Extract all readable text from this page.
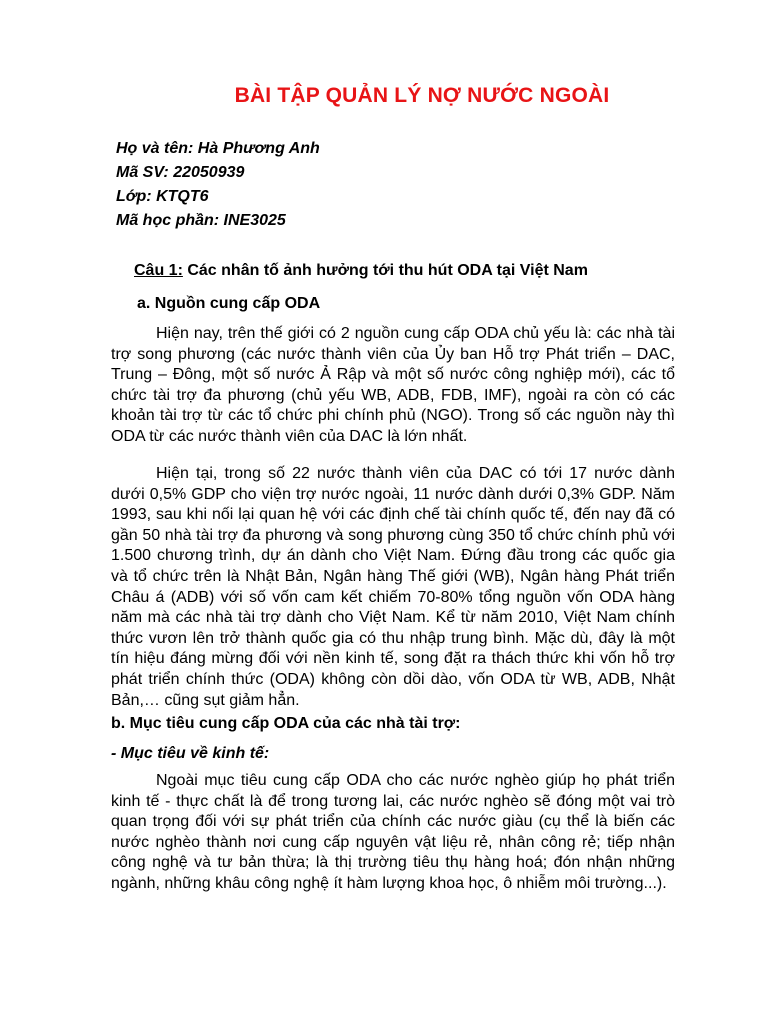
BÀI TẬP QUẢN LÝ NỢ NƯỚC NGOÀI
Họ và tên: Hà Phương Anh
Mã SV: 22050939
Lớp: KTQT6
Mã học phần: INE3025
Câu 1: Các nhân tố ảnh hưởng tới thu hút ODA tại Việt Nam
a. Nguồn cung cấp ODA

Hiện nay, trên thế giới có 2 nguồn cung cấp ODA chủ yếu là: các nhà tài trợ song phương (các nước thành viên của Ủy ban Hỗ trợ Phát triển – DAC, Trung – Đông, một số nước Ả Rập và một số nước công nghiệp mới), các tổ chức tài trợ đa phương (chủ yếu WB, ADB, FDB, IMF), ngoài ra còn có các khoản tài trợ từ các tổ chức phi chính phủ (NGO). Trong số các nguồn này thì ODA từ các nước thành viên của DAC là lớn nhất.

Hiện tại, trong số 22 nước thành viên của DAC có tới 17 nước dành dưới 0,5% GDP cho viện trợ nước ngoài, 11 nước dành dưới 0,3% GDP. Năm 1993, sau khi nối lại quan hệ với các định chế tài chính quốc tế, đến nay đã có gần 50 nhà tài trợ đa phương và song phương cùng 350 tổ chức chính phủ với 1.500 chương trình, dự án dành cho Việt Nam. Đứng đầu trong các quốc gia và tổ chức trên là Nhật Bản, Ngân hàng Thế giới (WB), Ngân hàng Phát triển Châu á (ADB) với số vốn cam kết chiếm 70-80% tổng nguồn vốn ODA hàng năm mà các nhà tài trợ dành cho Việt Nam. Kể từ năm 2010, Việt Nam chính thức vươn lên trở thành quốc gia có thu nhập trung bình. Mặc dù, đây là một tín hiệu đáng mừng đối với nền kinh tế, song đặt ra thách thức khi vốn hỗ trợ phát triển chính thức (ODA) không còn dồi dào, vốn ODA từ WB, ADB, Nhật Bản,… cũng sụt giảm hẳn.

b. Mục tiêu cung cấp ODA của các nhà tài trợ:
- Mục tiêu về kinh tế:

Ngoài mục tiêu cung cấp ODA cho các nước nghèo giúp họ phát triển kinh tế - thực chất là để trong tương lai, các nước nghèo sẽ đóng một vai trò quan trọng đối với sự phát triển của chính các nước giàu (cụ thể là biến các nước nghèo thành nơi cung cấp nguyên vật liệu rẻ, nhân công rẻ; tiếp nhận công nghệ và tư bản thừa; là thị trường tiêu thụ hàng hoá; đón nhận những ngành, những khâu công nghệ ít hàm lượng khoa học, ô nhiễm môi trường...).
